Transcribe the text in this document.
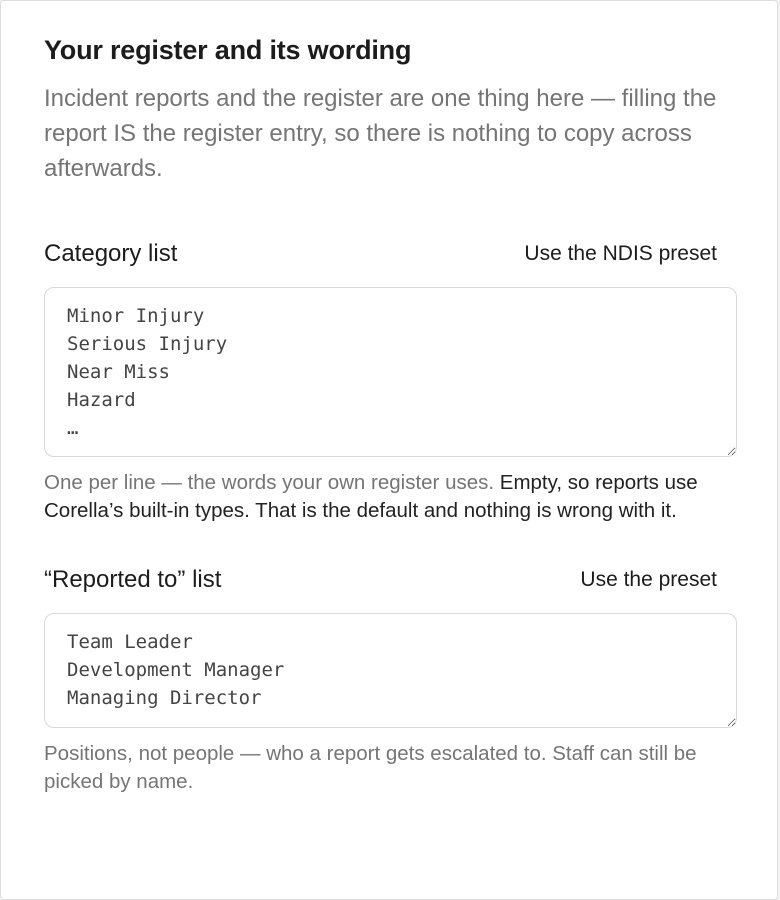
Your register and its wording

Incident reports and the register are one thing here — filling the report IS the register entry, so there is nothing to copy across afterwards.

Category list	Use the NDIS preset
Minor Injury Serious Injury Near Miss Hazard …

One per line — the words your own register uses. Empty, so reports use Corella’s built-in types. That is the default and nothing is wrong with it.

“Reported to” list	Use the preset
Team Leader Development Manager Managing Director

Positions, not people — who a report gets escalated to. Staff can still be picked by name.
